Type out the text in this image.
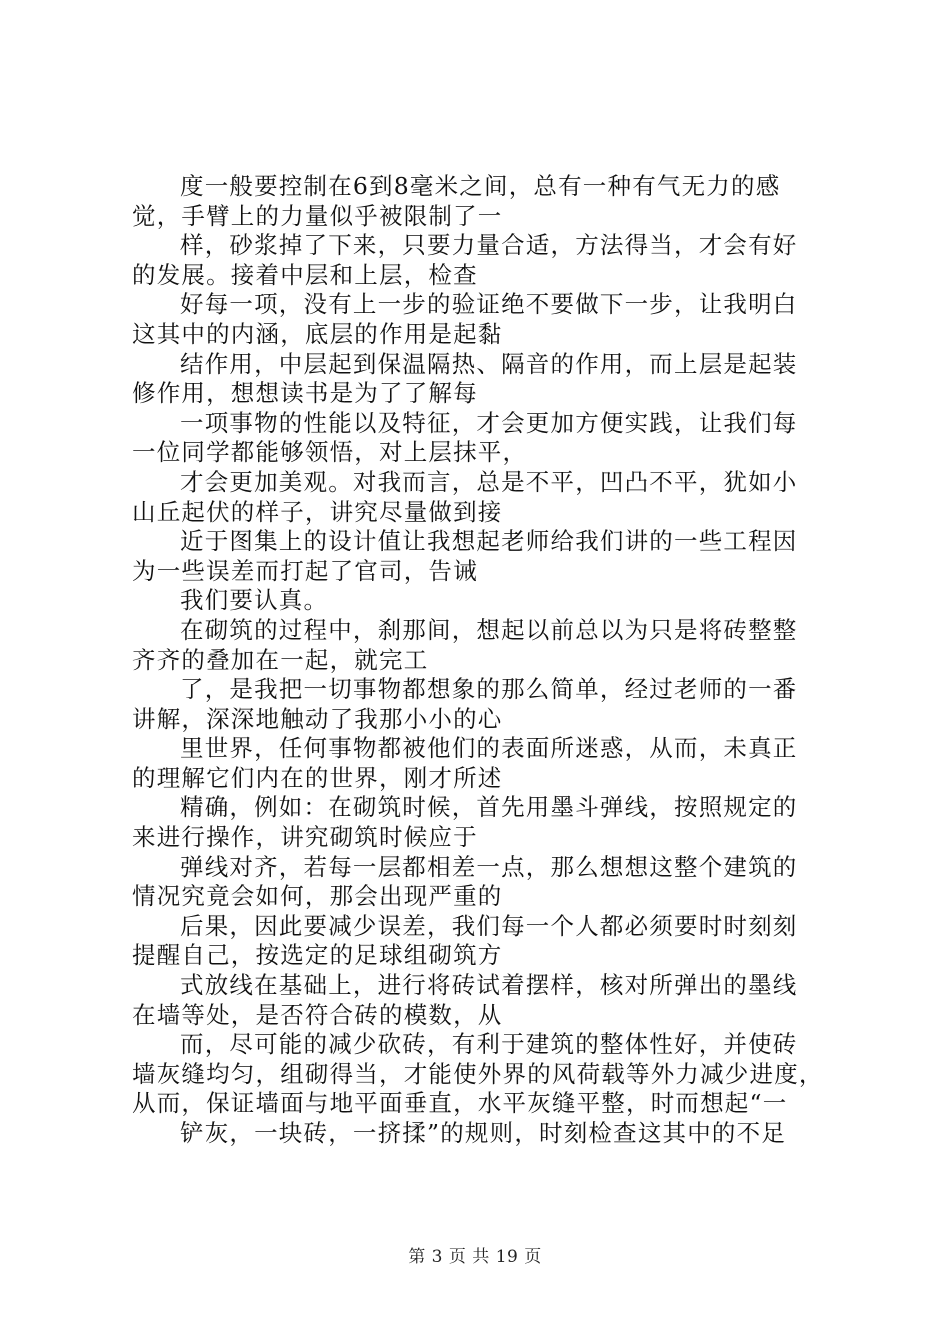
度一般要控制在6到8毫米之间，总有一种有气无力的感
觉，手臂上的力量似乎被限制了一
样，砂浆掉了下来，只要力量合适，方法得当，才会有好
的发展。接着中层和上层，检查
好每一项，没有上一步的验证绝不要做下一步，让我明白
这其中的内涵，底层的作用是起黏
结作用，中层起到保温隔热、隔音的作用，而上层是起装
修作用，想想读书是为了了解每
一项事物的性能以及特征，才会更加方便实践，让我们每
一位同学都能够领悟，对上层抹平，
才会更加美观。对我而言，总是不平，凹凸不平，犹如小
山丘起伏的样子，讲究尽量做到接
近于图集上的设计值让我想起老师给我们讲的一些工程因
为一些误差而打起了官司，告诫
我们要认真。
在砌筑的过程中，刹那间，想起以前总以为只是将砖整整
齐齐的叠加在一起，就完工
了，是我把一切事物都想象的那么简单，经过老师的一番
讲解，深深地触动了我那小小的心
里世界，任何事物都被他们的表面所迷惑，从而，未真正
的理解它们内在的世界，刚才所述
精确，例如：在砌筑时候，首先用墨斗弹线，按照规定的
来进行操作，讲究砌筑时候应于
弹线对齐，若每一层都相差一点，那么想想这整个建筑的
情况究竟会如何，那会出现严重的
后果，因此要减少误差，我们每一个人都必须要时时刻刻
提醒自己，按选定的足球组砌筑方
式放线在基础上，进行将砖试着摆样，核对所弹出的墨线
在墙等处，是否符合砖的模数，从
而，尽可能的减少砍砖，有利于建筑的整体性好，并使砖
墙灰缝均匀，组砌得当，才能使外界的风荷载等外力减少进度，
从而，保证墙面与地平面垂直，水平灰缝平整，时而想起“一
铲灰，一块砖，一挤揉”的规则，时刻检查这其中的不足
第 3 页 共 19 页
